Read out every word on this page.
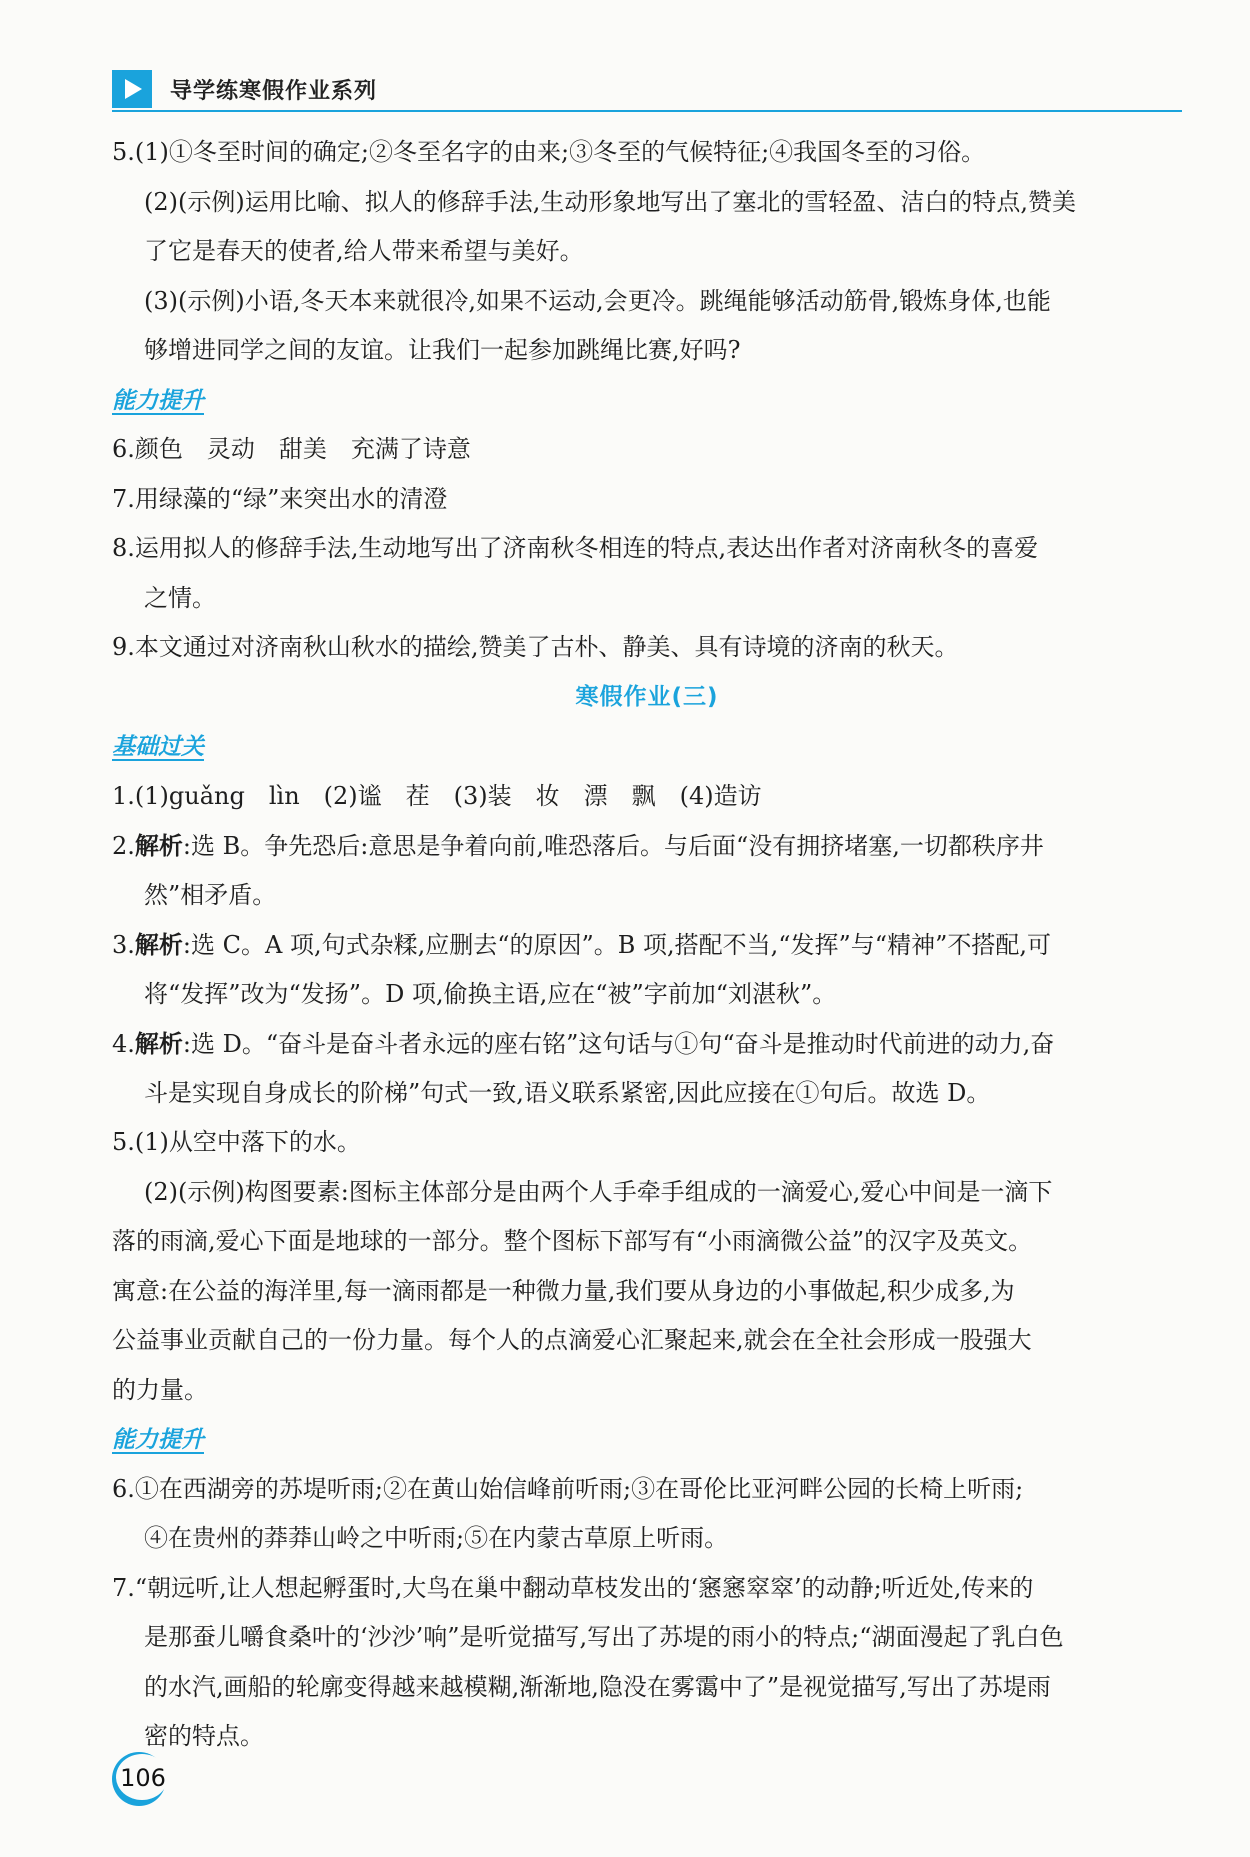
导学练寒假作业系列
5.(1)①冬至时间的确定;②冬至名字的由来;③冬至的气候特征;④我国冬至的习俗。
(2)(示例)运用比喻、拟人的修辞手法,生动形象地写出了塞北的雪轻盈、洁白的特点,赞美
了它是春天的使者,给人带来希望与美好。
(3)(示例)小语,冬天本来就很冷,如果不运动,会更冷。跳绳能够活动筋骨,锻炼身体,也能
够增进同学之间的友谊。让我们一起参加跳绳比赛,好吗?
能力提升
6.颜色　灵动　甜美　充满了诗意
7.用绿藻的“绿”来突出水的清澄
8.运用拟人的修辞手法,生动地写出了济南秋冬相连的特点,表达出作者对济南秋冬的喜爱
之情。
9.本文通过对济南秋山秋水的描绘,赞美了古朴、静美、具有诗境的济南的秋天。
寒假作业(三)
基础过关
1.(1)guǎng　lìn　(2)谧　茬　(3)装　妆　漂　飘　(4)造访
2.解析:选 B。争先恐后:意思是争着向前,唯恐落后。与后面“没有拥挤堵塞,一切都秩序井
然”相矛盾。
3.解析:选 C。A 项,句式杂糅,应删去“的原因”。B 项,搭配不当,“发挥”与“精神”不搭配,可
将“发挥”改为“发扬”。D 项,偷换主语,应在“被”字前加“刘湛秋”。
4.解析:选 D。“奋斗是奋斗者永远的座右铭”这句话与①句“奋斗是推动时代前进的动力,奋
斗是实现自身成长的阶梯”句式一致,语义联系紧密,因此应接在①句后。故选 D。
5.(1)从空中落下的水。
(2)(示例)构图要素:图标主体部分是由两个人手牵手组成的一滴爱心,爱心中间是一滴下
落的雨滴,爱心下面是地球的一部分。整个图标下部写有“小雨滴微公益”的汉字及英文。
寓意:在公益的海洋里,每一滴雨都是一种微力量,我们要从身边的小事做起,积少成多,为
公益事业贡献自己的一份力量。每个人的点滴爱心汇聚起来,就会在全社会形成一股强大
的力量。
能力提升
6.①在西湖旁的苏堤听雨;②在黄山始信峰前听雨;③在哥伦比亚河畔公园的长椅上听雨;
④在贵州的莽莽山岭之中听雨;⑤在内蒙古草原上听雨。
7.“朝远听,让人想起孵蛋时,大鸟在巢中翻动草枝发出的‘窸窸窣窣’的动静;听近处,传来的
是那蚕儿嚼食桑叶的‘沙沙’响”是听觉描写,写出了苏堤的雨小的特点;“湖面漫起了乳白色
的水汽,画船的轮廓变得越来越模糊,渐渐地,隐没在雾霭中了”是视觉描写,写出了苏堤雨
密的特点。
106
